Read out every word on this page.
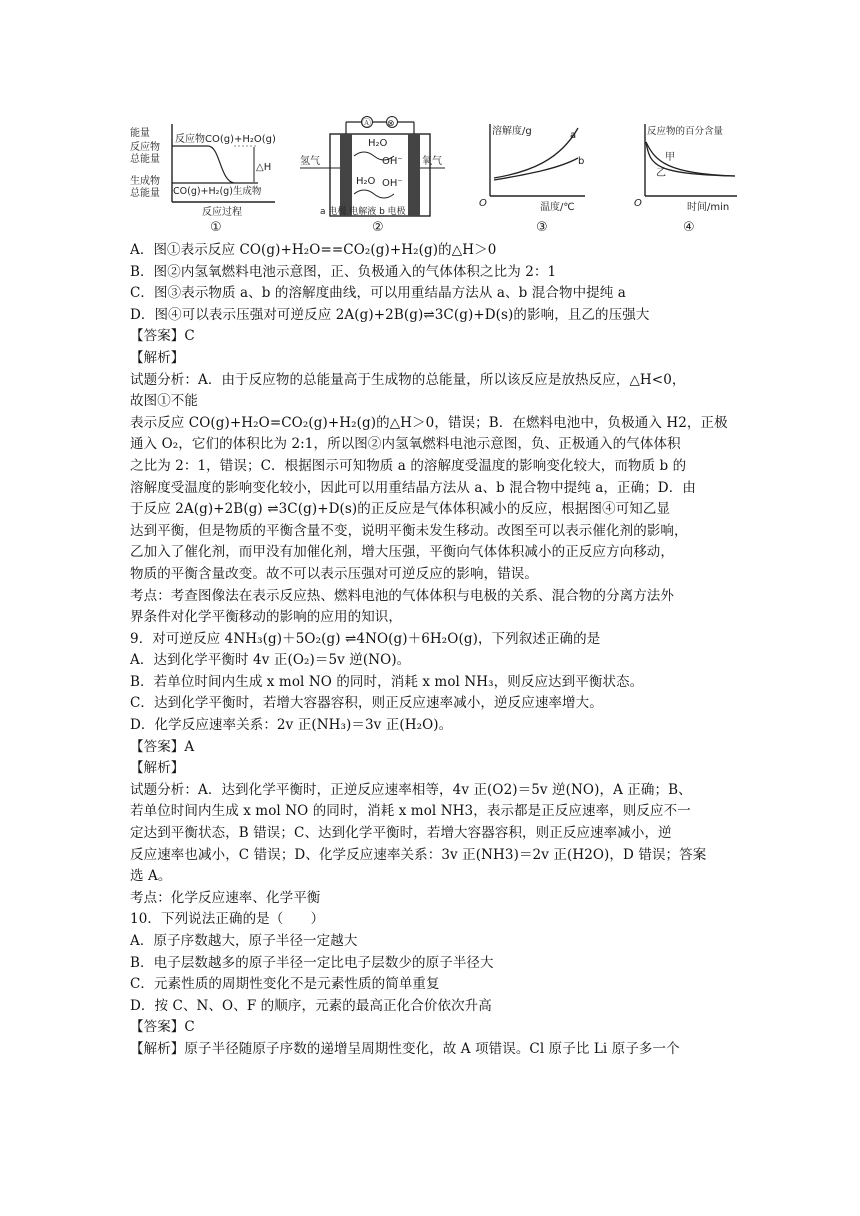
能量
反应物
总能量
生成物
总能量
反应物CO(g)+H₂O(g)
CO(g)+H₂(g)生成物
△H
反应过程
①
Ⓐ ⊗
氢气	氧气
H₂O
OH⁻
H₂O OH⁻
a 电极 电解液 b 电极
②
溶解度/g	a
b
O	温度/℃
③
反应物的百分含量
甲
乙
O	时间/min
④
A．图①表示反应 CO(g)+H₂O==CO₂(g)+H₂(g)的△H＞0
B．图②内氢氧燃料电池示意图，正、负极通入的气体体积之比为 2：1
C．图③表示物质 a、b 的溶解度曲线，可以用重结晶方法从 a、b 混合物中提纯 a
D．图④可以表示压强对可逆反应 2A(g)+2B(g)⇌3C(g)+D(s)的影响，且乙的压强大
【答案】C
【解析】
试题分析：A．由于反应物的总能量高于生成物的总能量，所以该反应是放热反应，△H<0，
故图①不能
表示反应 CO(g)+H₂O=CO₂(g)+H₂(g)的△H＞0，错误；B．在燃料电池中，负极通入 H2，正极
通入 O₂，它们的体积比为 2:1，所以图②内氢氧燃料电池示意图，负、正极通入的气体体积
之比为 2：1，错误；C．根据图示可知物质 a 的溶解度受温度的影响变化较大，而物质 b 的
溶解度受温度的影响变化较小，因此可以用重结晶方法从 a、b 混合物中提纯 a，正确；D．由
于反应 2A(g)+2B(g) ⇌3C(g)+D(s)的正反应是气体体积减小的反应，根据图④可知乙显
达到平衡，但是物质的平衡含量不变，说明平衡未发生移动。改图至可以表示催化剂的影响，
乙加入了催化剂，而甲没有加催化剂，增大压强，平衡向气体体积减小的正反应方向移动，
物质的平衡含量改变。故不可以表示压强对可逆反应的影响，错误。
考点：考查图像法在表示反应热、燃料电池的气体体积与电极的关系、混合物的分离方法外
界条件对化学平衡移动的影响的应用的知识，
9．对可逆反应 4NH₃(g)＋5O₂(g) ⇌4NO(g)＋6H₂O(g)，下列叙述正确的是
A．达到化学平衡时 4v 正(O₂)＝5v 逆(NO)。
B．若单位时间内生成 x mol NO 的同时，消耗 x mol NH₃，则反应达到平衡状态。
C．达到化学平衡时，若增大容器容积，则正反应速率减小，逆反应速率增大。
D．化学反应速率关系：2v 正(NH₃)＝3v 正(H₂O)。
【答案】A
【解析】
试题分析：A．达到化学平衡时，正逆反应速率相等，4v 正(O2)＝5v 逆(NO)，A 正确；B、
若单位时间内生成 x mol NO 的同时，消耗 x mol NH3，表示都是正反应速率，则反应不一
定达到平衡状态，B 错误；C、达到化学平衡时，若增大容器容积，则正反应速率减小，逆
反应速率也减小，C 错误；D、化学反应速率关系：3v 正(NH3)＝2v 正(H2O)，D 错误；答案
选 A。
考点：化学反应速率、化学平衡
10．下列说法正确的是（　　）
A．原子序数越大，原子半径一定越大
B．电子层数越多的原子半径一定比电子层数少的原子半径大
C．元素性质的周期性变化不是元素性质的简单重复
D．按 C、N、O、F 的顺序，元素的最高正化合价依次升高
【答案】C
【解析】原子半径随原子序数的递增呈周期性变化，故 A 项错误。Cl 原子比 Li 原子多一个
